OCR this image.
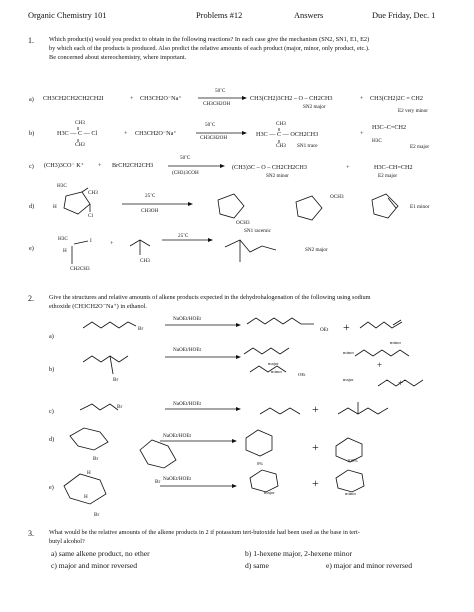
Organic Chemistry 101	Problems #12	Answers	Due Friday, Dec. 1
1. Which product(s) would you predict to obtain in the following reactions? In each case give the mechanism (SN2, SN1, E1, E2)
by which each of the products is produced. Also predict the relative amounts of each product (major, minor, only product, etc.).
Be concerned about stereochemistry, where important.
a) CH3CH2CH2CH2CH2I	+ CH3CH2O⁻Na⁺
50˚C
CH3CH2OH
CH3(CH2)3CH2 – O – CH2CH3
SN2 major
+ CH3(CH2)2C = CH2
E2 very minor
b)
CH3
H3C — C — Cl
CH3
+ CH3CH2O⁻Na⁺
50˚C
CH3CH2OH
CH3
H3C — C — OCH2CH3
CH3 SN1 trace
+
H3C–C=CH2
H3C
E2 major
c) (CH3)3CO⁻ K⁺ + BrCH2CH2CH3
50˚C
(CH3)3COH
(CH3)3C – O – CH2CH2CH3
SN2 minor
+	H3C–CH=CH2
E2 major
d)
H3C
CH3
H
Cl
25˚C
CH3OH
OCH3
OCH3
SN1 racemic
E1 minor
e)
H3C
H
I
CH2CH3
+
CH3
25˚C
SN2 major
2. Give the structures and relative amounts of alkene products expected in the dehydrohalogenation of the following using sodium
ethoxide (CH3CH2O⁻Na⁺) in ethanol.
a)
Br
NaOEt/HOEt
OEt +
minor
b)
Br
NaOEt/HOEt
major
minor
minor
OEt
major
+
+
c)
Br	NaOEt/HOEt	+
d)
Br
NaOEt/HOEt
Br
0%
+
100%
e)
H
H
Br
NaOEt/HOEt
major
+
minor
3. What would be the relative amounts of the alkene products in 2 if potassium tert-butoxide had been used as the base in tert-
butyl alcohol?
a) same alkene product, no ether	b) 1-hexene major, 2-hexene minor
c) major and minor reversed	d) same	e) major and minor reversed
